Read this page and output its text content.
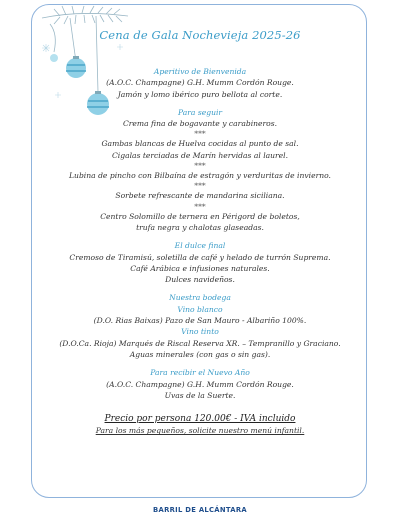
Cena de Gala Nochevieja 2025-26
Aperitivo de Bienvenida
(A.O.C. Champagne) G.H. Mumm Cordón Rouge.
Jamón y lomo ibérico puro bellota al corte.
Para seguir
Crema fina de bogavante y carabineros.
***
Gambas blancas de Huelva cocidas al punto de sal.
Cigalas terciadas de Marín hervidas al laurel.
***
Lubina de pincho con Bilbaína de estragón y verduritas de invierno.
***
Sorbete refrescante de mandarina siciliana.
***
Centro Solomillo de ternera en Périgord de boletos,
trufa negra y chalotas glaseadas.
El dulce final
Cremoso de Tiramisú, soletilla de café y helado de turrón Suprema.
Café Arábica e infusiones naturales.
Dulces navideños.
Nuestra bodega
Vino blanco
(D.O. Rias Baixas) Pazo de San Mauro - Albariño 100%.
Vino tinto
(D.O.Ca. Rioja) Marqués de Riscal Reserva XR. – Tempranillo y Graciano.
Aguas minerales (con gas o sin gas).
Para recibir el Nuevo Año
(A.O.C. Champagne) G.H. Mumm Cordón Rouge.
Uvas de la Suerte.
Precio por persona 120.00€ - IVA incluido
Para los más pequeños, solicite nuestro menú infantil.
BARRIL DE ALCÁNTARA
